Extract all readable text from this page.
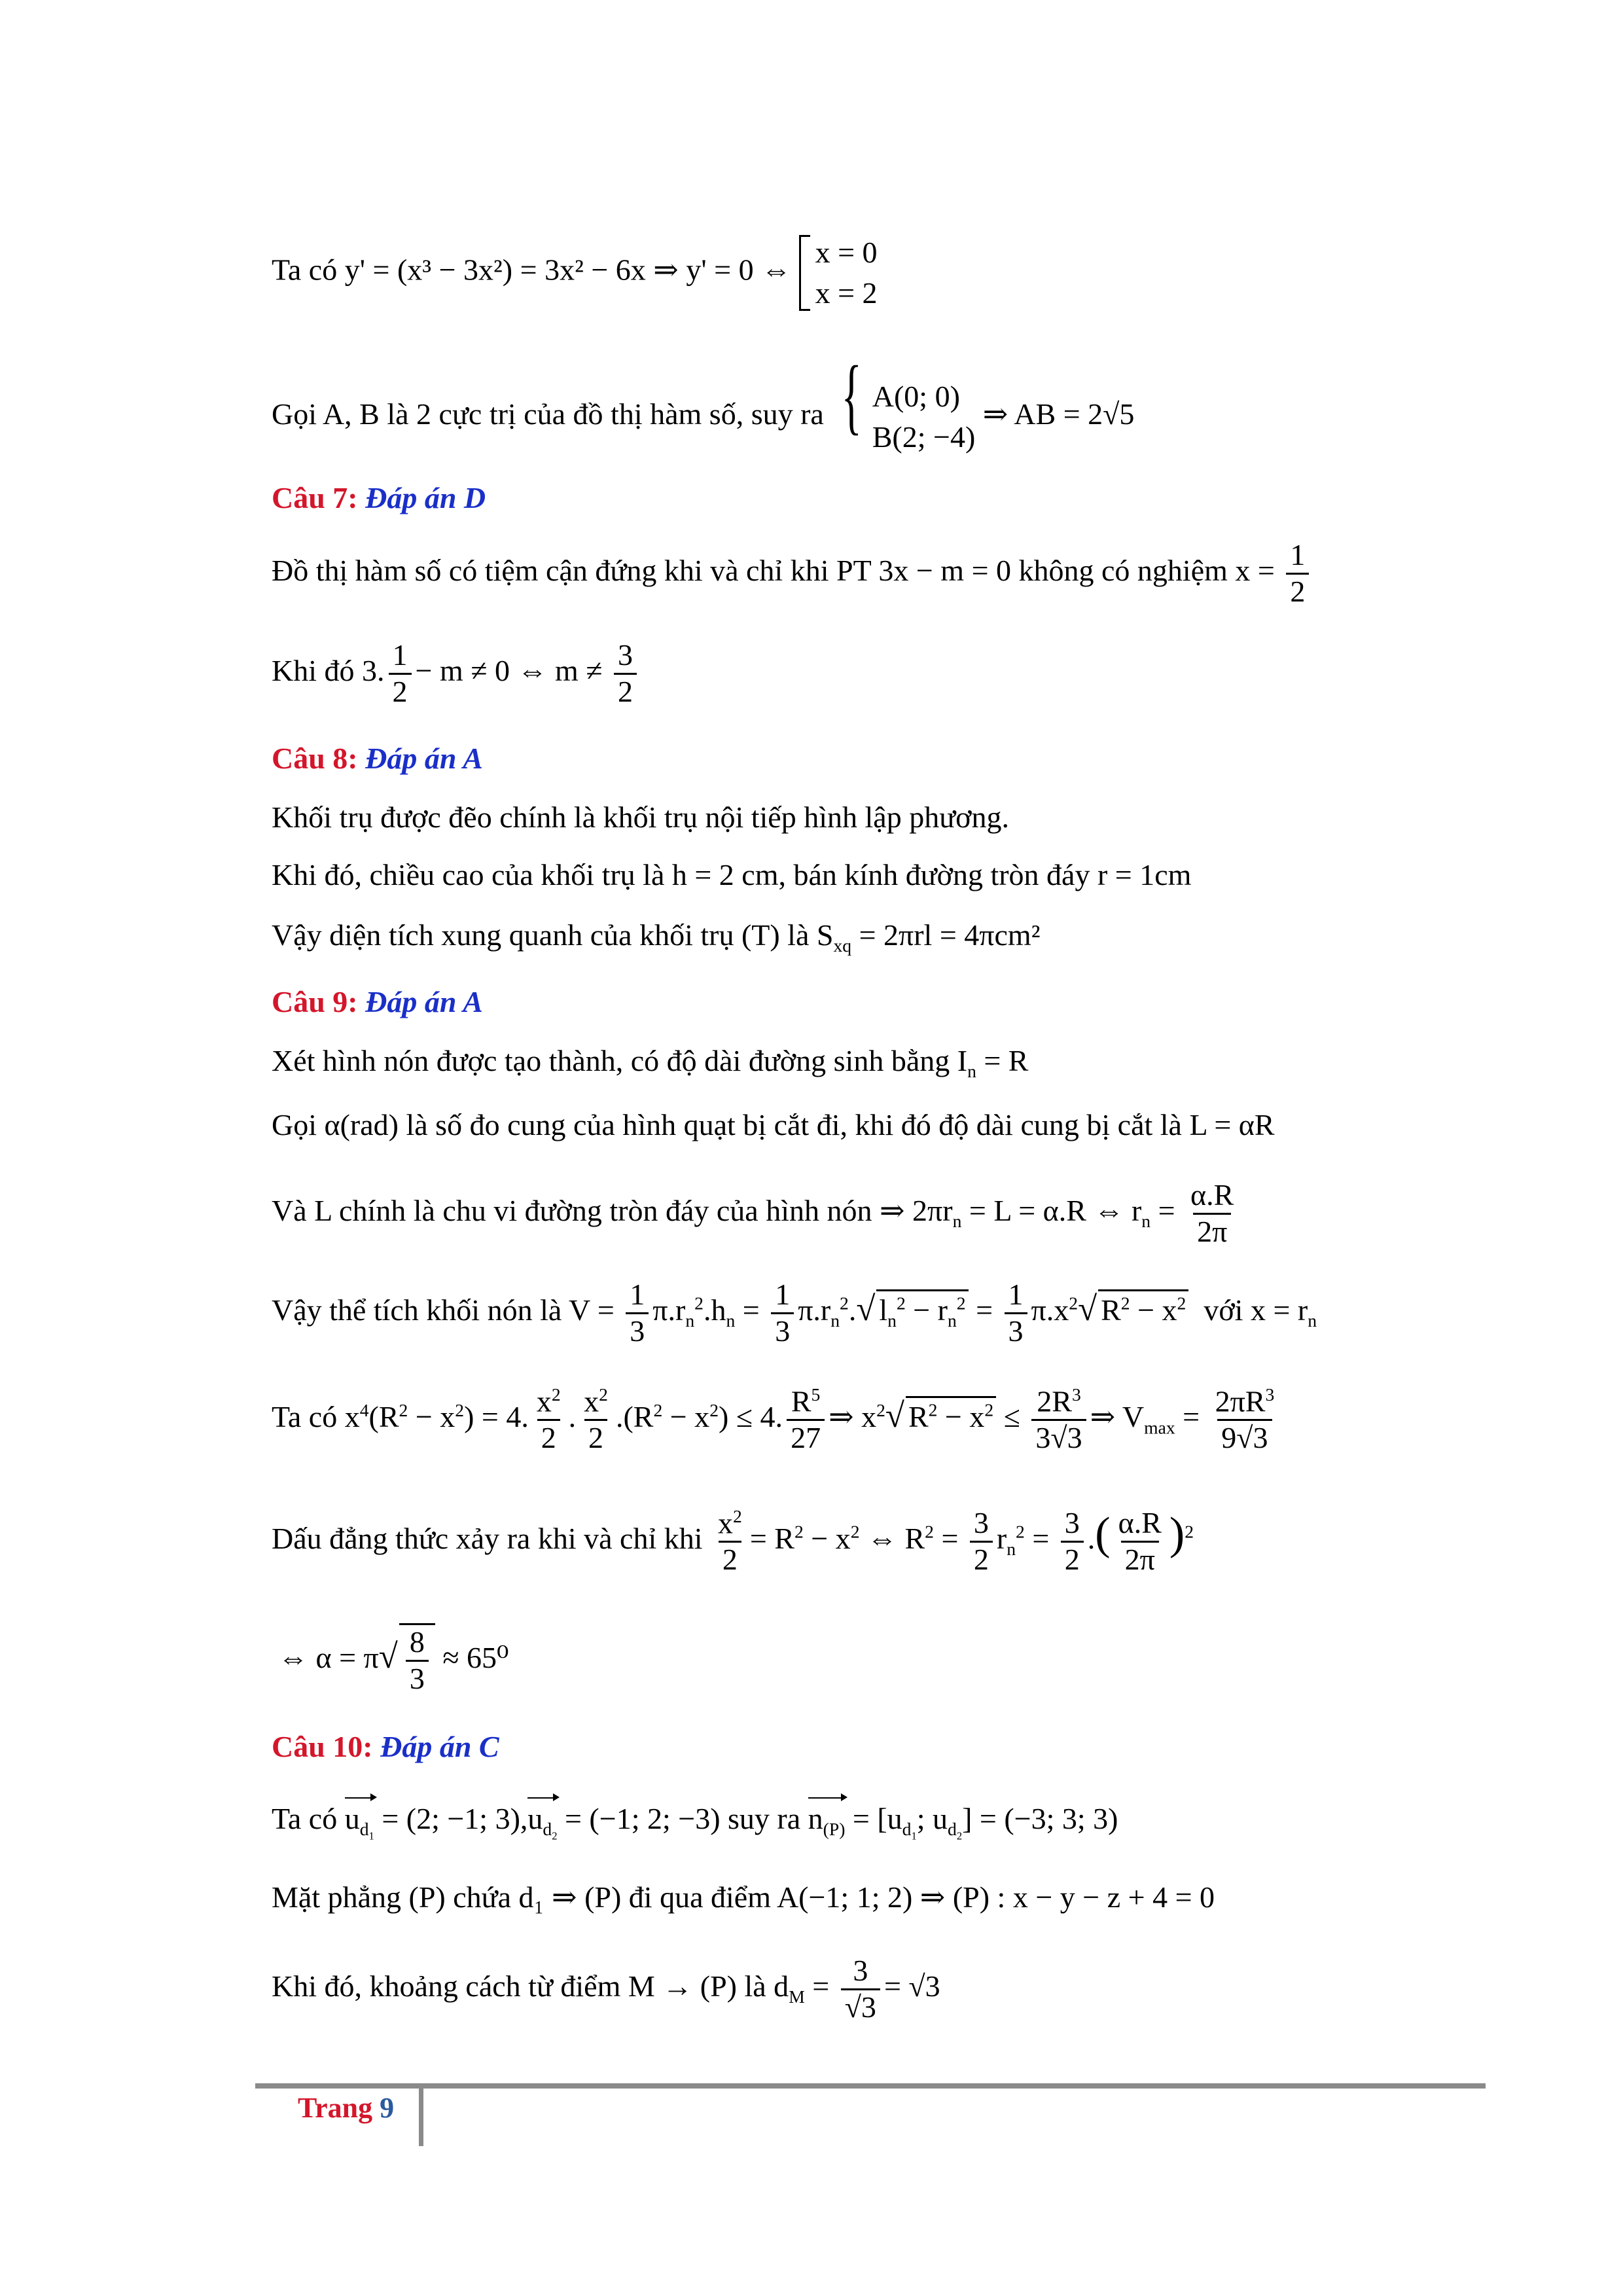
Ta có y' = (x³ − 3x²) = 3x² − 6x ⇒ y' = 0 ⇔
x = 0
x = 2
Gọi A, B là 2 cực trị của đồ thị hàm số, suy ra { A(0; 0)
B(2; −4)
⇒ AB = 2√5
Câu 7: Đáp án D
Đồ thị hàm số có tiệm cận đứng khi và chỉ khi PT 3x − m = 0 không có nghiệm $x = \frac{1}{2}$
Khi đó 3. $\frac{1}{2} - m \ne 0$ ⇔ $m \ne \frac{3}{2}$
Câu 8: Đáp án A
Khối trụ được đẽo chính là khối trụ nội tiếp hình lập phương.
Khi đó, chiều cao của khối trụ là h = 2 cm, bán kính đường tròn đáy r = 1cm
Vậy diện tích xung quanh của khối trụ (T) là $S_{xq} = 2\pi rl = 4\pi cm^2$
Câu 9: Đáp án A
Xét hình nón được tạo thành, có độ dài đường sinh bằng $I_n = R$
Gọi α(rad) là số đo cung của hình quạt bị cắt đi, khi đó độ dài cung bị cắt là L = αR
Và L chính là chu vi đường tròn đáy của hình nón ⇒ $2\pi r_n = L = \alpha.R$ ⇔ $r_n = \frac{\alpha.R}{2\pi}$
Vậy thể tích khối nón là $V = \frac{1}{3} \pi.r_n^2.h_n = \frac{1}{3} \pi.r_n^2.√$ $l_n^2 - r_n^2 = \frac{1}{3} \pi.x^2√$ $R^2 - x^2$ với $x = r_n$
Ta có $x^4(R^2 - x^2) = 4$. $\frac{x^2}{2}$ . $\frac{x^2}{2} .(R^2 - x^2) \le 4$. $\frac{R^5}{27}$ ⇒ $x^2√$ $R^2 - x^2 \le \frac{2R^3}{3√3}$ ⇒ $V_{max} = \frac{2\pi R^3}{9√3}$
Dấu đẳng thức xảy ra khi và chỉ khi $\frac{x^2}{2} = R^2 - x^2$ ⇔ $R^2 = \frac{3}{2} r_n^2 = \frac{3}{2}$ .( $\frac{\alpha.R}{2\pi} )^2$
⇔ $\alpha = \pi√ \frac{8}{3} \approx 65^0$
Câu 10: Đáp án C
Ta có $u_{d_1} = (2$; −1; $3),u_{d_2} = (-1$; 2; −3) suy ra $n_{(P)} = [u_{d_1}$; $u_{d_2}] = (-3$; 3; 3)
Mặt phẳng (P) chứa d₁ ⇒ (P) đi qua điểm A(−1; 1; 2) ⇒ (P) : x − y − z + 4 = 0
Khi đó, khoảng cách từ điểm M → (P) là $d_M = \frac{3}{√3} = √3$
Trang 9
